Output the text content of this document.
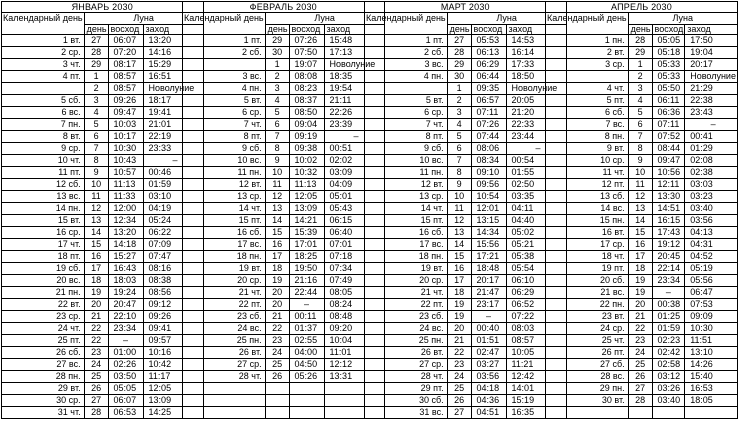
ЯНВАРЬ 2030			
Календарный день	Луна		
	день	восход	заход
1 вт.	27	06:07	13:20
2 ср.	28	07:20	14:16
3 чт.	29	08:17	15:29
4 пт.	1	08:57	16:51
	2	08:57	Новолуние
5 сб.	3	09:26	18:17
6 вс.	4	09:47	19:41
7 пн.	5	10:03	21:01
8 вт.	6	10:17	22:19
9 ср.	7	10:30	23:33
10 чт.	8	10:43	–
11 пт.	9	10:57	00:46
12 сб.	10	11:13	01:59
13 вс.	11	11:33	03:10
14 пн.	12	12:00	04:19
15 вт.	13	12:34	05:24
16 ср.	14	13:20	06:22
17 чт.	15	14:18	07:09
18 пт.	16	15:27	07:47
19 сб.	17	16:43	08:16
20 вс.	18	18:03	08:38
21 пн.	19	19:24	08:56
22 вт.	20	20:47	09:12
23 ср.	21	22:10	09:26
24 чт.	22	23:34	09:41
25 пт.	22	–	09:57
26 сб.	23	01:00	10:16
27 вс.	24	02:26	10:42
28 пн.	25	03:50	11:17
29 вт.	26	05:05	12:05
30 ср.	27	06:07	13:09
31 чт.	28	06:53	14:25
ФЕВРАЛЬ 2030			
Календарный день	Луна		
	день	восход	заход
1 пт.	29	07:26	15:48
2 сб.	30	07:50	17:13
	1	19:07	Новолуние
3 вс.	2	08:08	18:35
4 пн.	3	08:23	19:54
5 вт.	4	08:37	21:11
6 ср.	5	08:50	22:26
7 чт.	6	09:04	23:39
8 пт.	7	09:19	–
9 сб.	8	09:38	00:51
10 вс.	9	10:02	02:02
11 пн.	10	10:32	03:09
12 вт.	11	11:13	04:09
13 ср.	12	12:05	05:01
14 чт.	13	13:09	05:43
15 пт.	14	14:21	06:15
16 сб.	15	15:39	06:40
17 вс.	16	17:01	07:01
18 пн.	17	18:25	07:18
19 вт.	18	19:50	07:34
20 ср.	19	21:16	07:49
21 чт.	20	22:44	08:05
22 пт.	20	–	08:24
23 сб.	21	00:11	08:48
24 вс.	22	01:37	09:20
25 пн.	23	02:55	10:04
26 вт.	24	04:00	11:01
27 ср.	25	04:50	12:12
28 чт.	26	05:26	13:31

МАРТ 2030			
Календарный день	Луна		
	день	восход	заход
1 пт.	27	05:53	14:53
2 сб.	28	06:13	16:14
3 вс.	29	06:29	17:33
4 пн.	30	06:44	18:50
	1	09:35	Новолуние
5 вт.	2	06:57	20:05
6 ср.	3	07:11	21:20
7 чт.	4	07:26	22:33
8 пт.	5	07:44	23:44
9 сб.	6	08:06	–
10 вс.	7	08:34	00:54
11 пн.	8	09:10	01:55
12 вт.	9	09:56	02:50
13 ср.	10	10:54	03:35
14 чт.	11	12:01	04:11
15 пт.	12	13:15	04:40
16 сб.	13	14:34	05:02
17 вс.	14	15:56	05:21
18 пн.	15	17:21	05:38
19 вт.	16	18:48	05:54
20 ср.	17	20:17	06:10
21 чт.	18	21:47	06:29
22 пт.	19	23:17	06:52
23 сб.	19	–	07:22
24 вс.	20	00:40	08:03
25 пн.	21	01:51	08:57
26 вт.	22	02:47	10:05
27 ср.	23	03:27	11:21
28 чт.	24	03:56	12:42
29 пт.	25	04:18	14:01
30 сб.	26	04:36	15:19
31 вс.	27	04:51	16:35
АПРЕЛЬ 2030			
Календарный день	Луна		
	день	восход	заход
1 пн.	28	05:05	17:50
2 вт.	29	05:18	19:04
3 ср.	1	05:33	20:17
	2	05:33	Новолуние
4 чт.	3	05:50	21:29
5 пт.	4	06:11	22:38
6 сб.	5	06:36	23:43
7 вс.	6	07:11	–
8 пн.	7	07:52	00:41
9 вт.	8	08:44	01:29
10 ср.	9	09:47	02:08
11 чт.	10	10:56	02:38
12 пт.	11	12:11	03:03
13 сб.	12	13:30	03:23
14 вс.	13	14:51	03:40
15 пн.	14	16:15	03:56
16 вт.	15	17:43	04:13
17 ср.	16	19:12	04:31
18 чт.	17	20:45	04:52
19 пт.	18	22:14	05:19
20 сб.	19	23:34	05:56
21 вс.	19	–	06:47
22 пн.	20	00:38	07:53
23 вт.	21	01:25	09:09
24 ср.	22	01:59	10:30
25 чт.	23	02:23	11:51
26 пт.	24	02:42	13:10
27 сб.	25	02:58	14:26
28 вс.	26	03:12	15:40
29 пн.	27	03:26	16:53
30 вт.	28	03:40	18:05
